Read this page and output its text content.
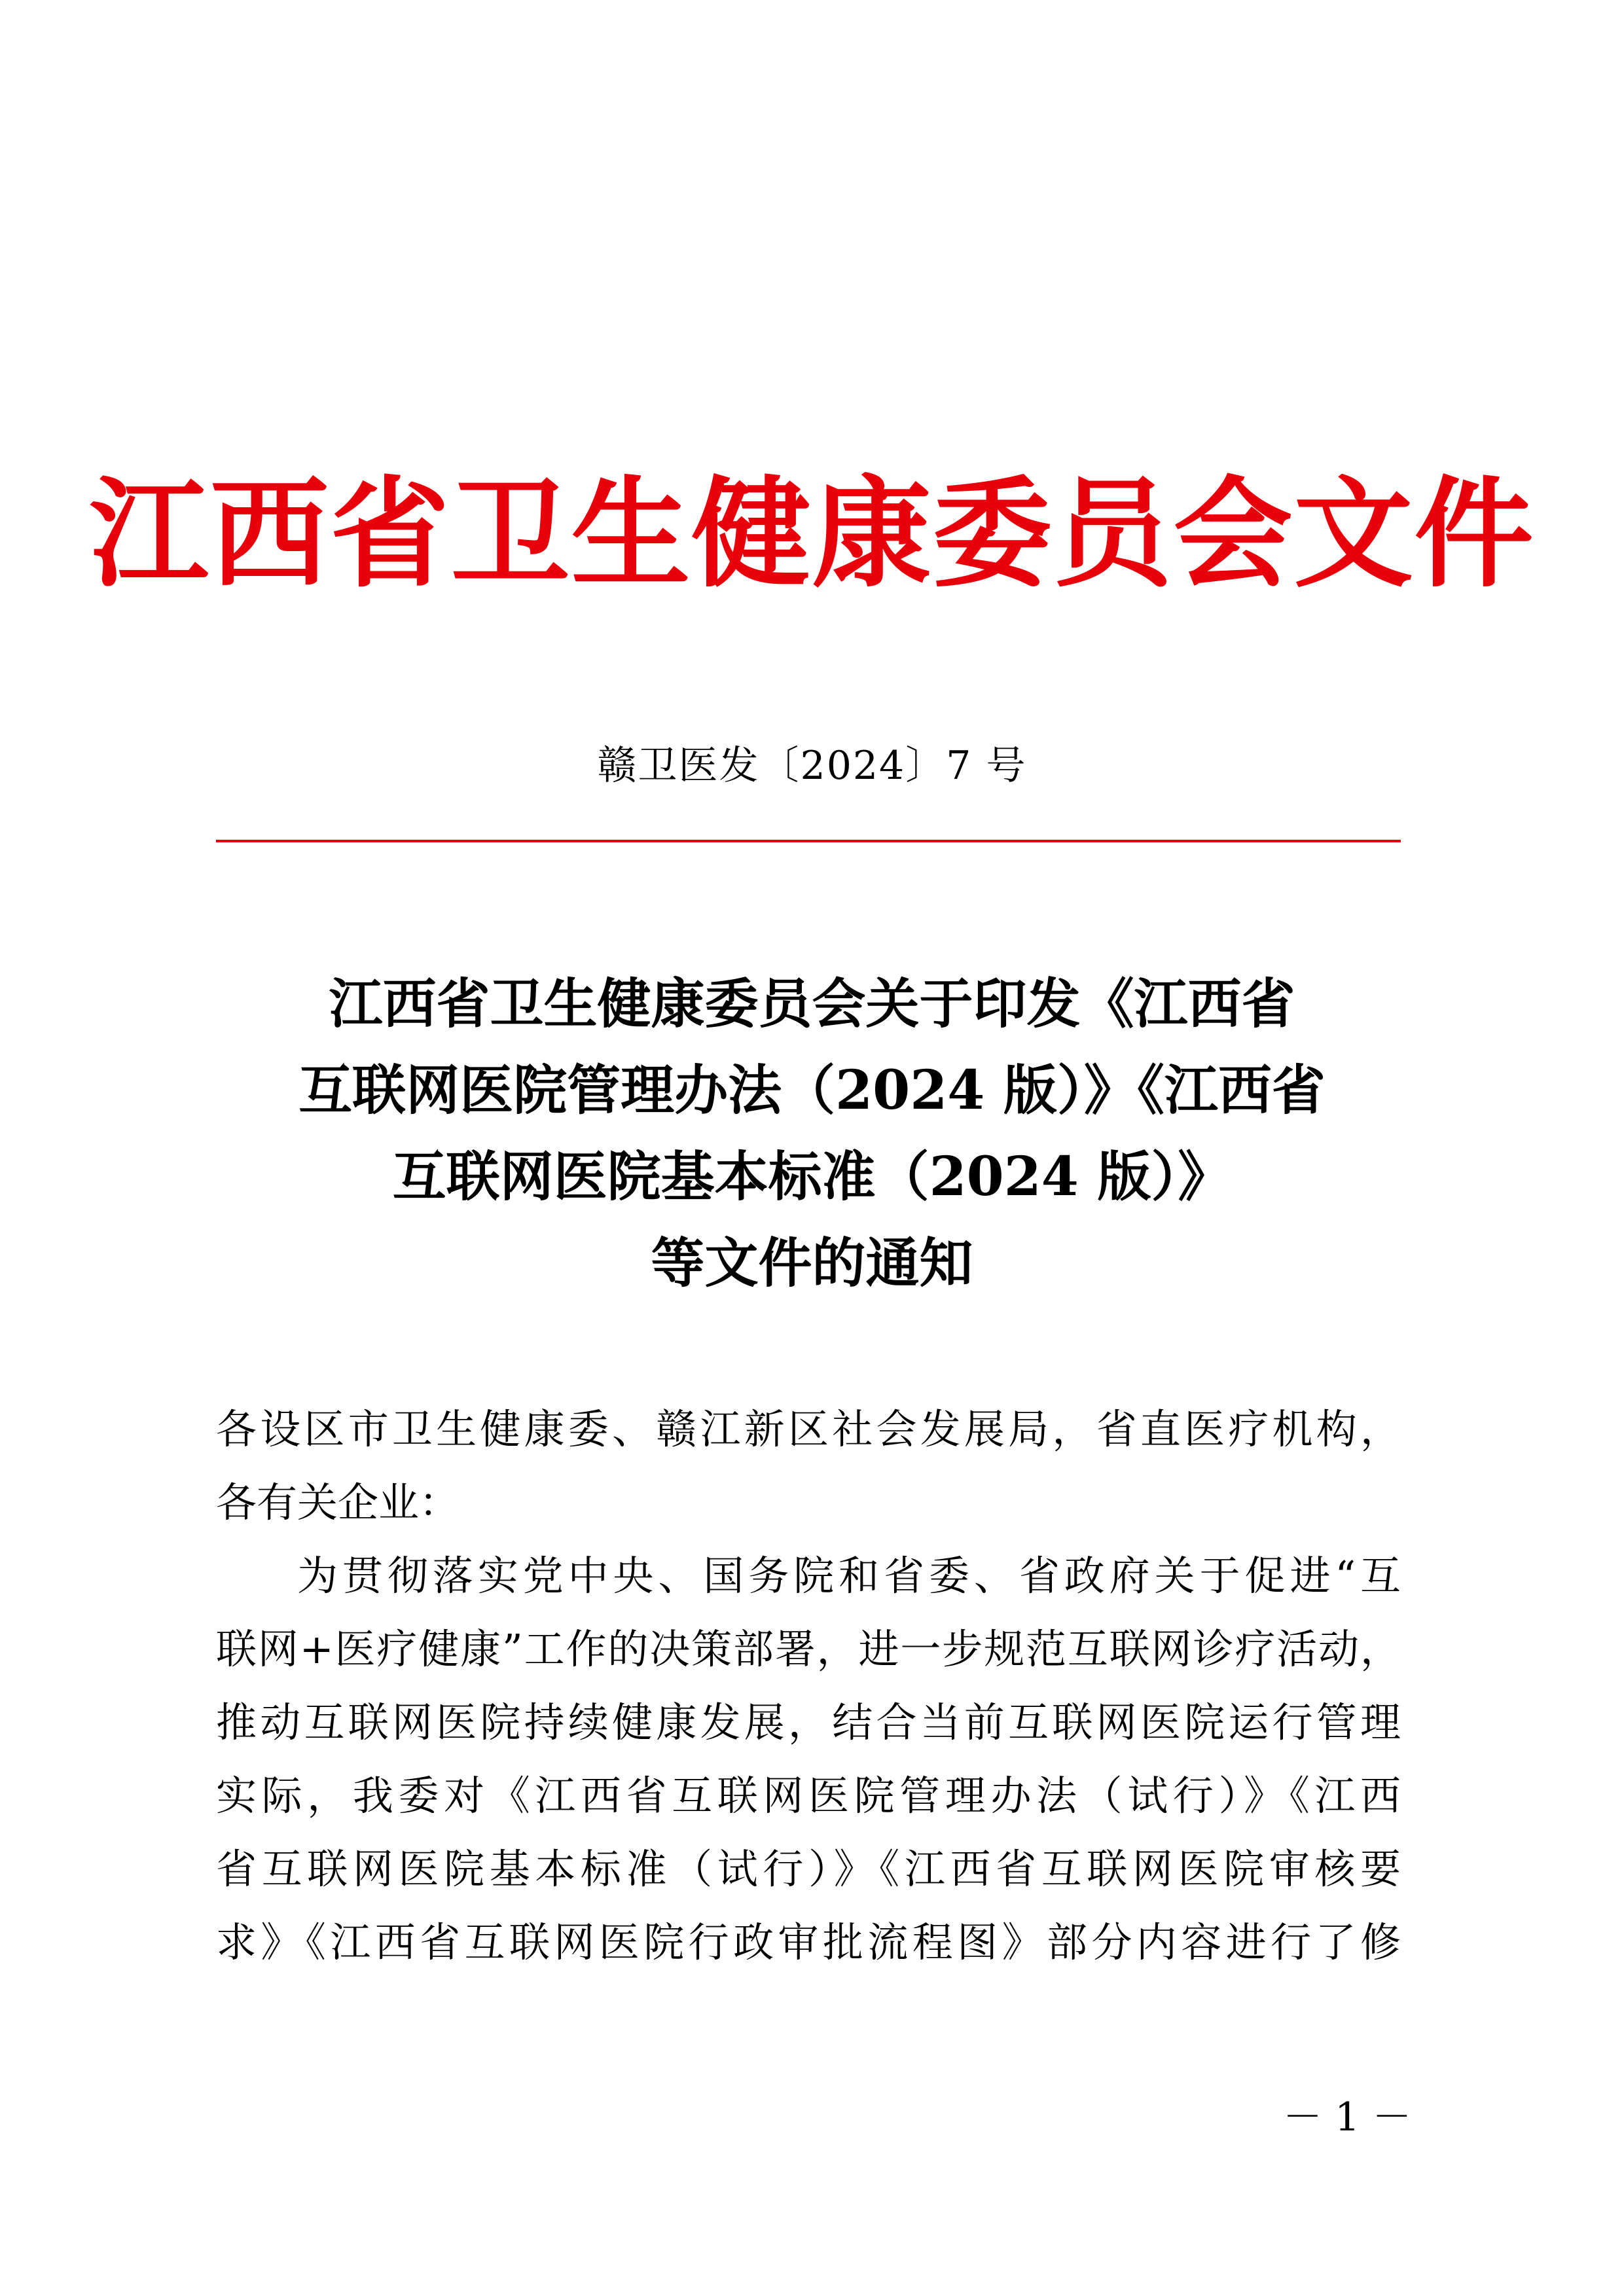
江西省卫生健康委员会文件
赣卫医发〔2024〕7 号
江西省卫生健康委员会关于印发《江西省
互联网医院管理办法（2024 版）》《江西省
互联网医院基本标准（2024 版）》
等文件的通知
各设区市卫生健康委、赣江新区社会发展局，省直医疗机构，
各有关企业：
为贯彻落实党中央、国务院和省委、省政府关于促进“互
联网+医疗健康”工作的决策部署，进一步规范互联网诊疗活动，
推动互联网医院持续健康发展，结合当前互联网医院运行管理
实际，我委对《江西省互联网医院管理办法（试行）》《江西
省互联网医院基本标准（试行）》《江西省互联网医院审核要
求》《江西省互联网医院行政审批流程图》部分内容进行了修
－ 1 －
